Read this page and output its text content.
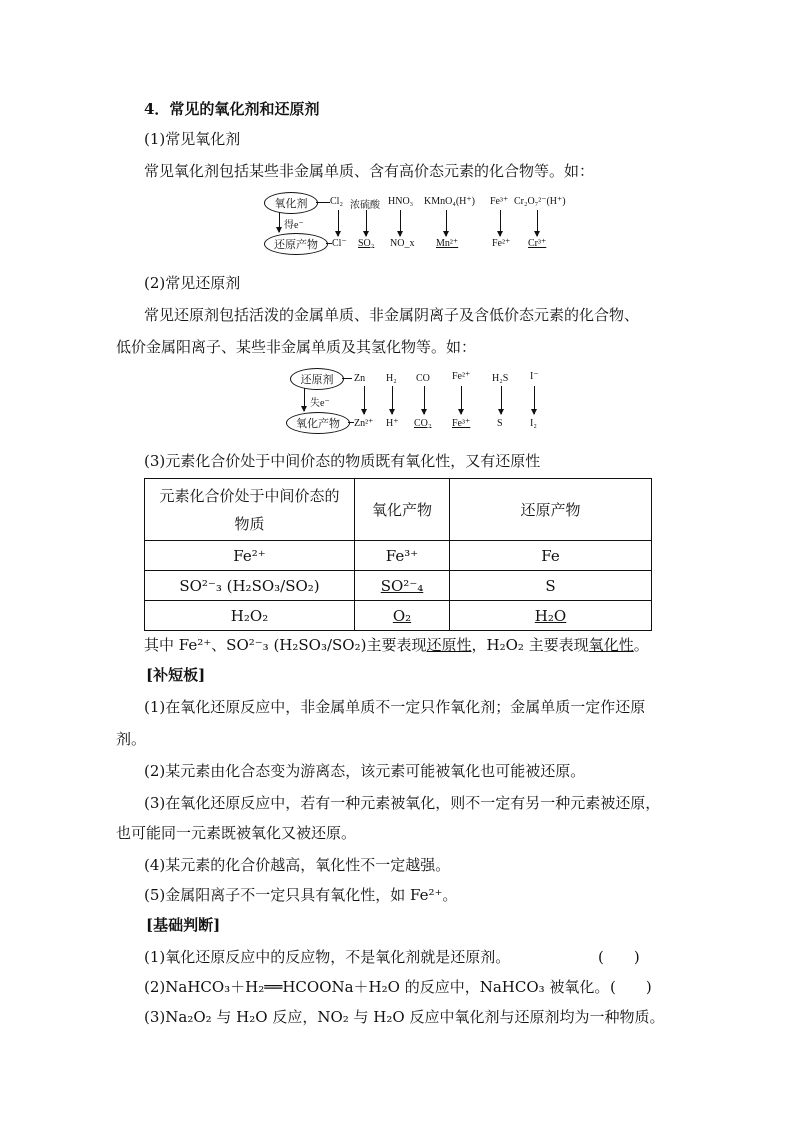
4．常见的氧化剂和还原剂
(1)常见氧化剂
常见氧化剂包括某些非金属单质、含有高价态元素的化合物等。如：
氧化剂
还原产物
得e⁻
Cl₂ 浓硫酸 HNO₃ KMnO₄(H⁺) Fe³⁺ Cr₂O₇²⁻(H⁺)
Cl⁻ SO₂ NO_x Mn²⁺	Fe²⁺ Cr³⁺
(2)常见还原剂
常见还原剂包括活泼的金属单质、非金属阴离子及含低价态元素的化合物、
低价金属阳离子、某些非金属单质及其氢化物等。如：
还原剂
氧化产物
失e⁻
Zn H₂ CO Fe²⁺ H₂S I⁻
Zn²⁺ H⁺ CO₂ Fe³⁺	S	I₂
(3)元素化合价处于中间价态的物质既有氧化性，又有还原性
元素化合价处于中间价态的
物质	氧化产物	还原产物
Fe²⁺	Fe³⁺	Fe
SO²⁻₃ (H₂SO₃/SO₂)	SO²⁻₄	S
H₂O₂	O₂	H₂O
其中 Fe²⁺、SO²⁻₃ (H₂SO₃/SO₂)主要表现还原性，H₂O₂ 主要表现氧化性。
[补短板]
(1)在氧化还原反应中，非金属单质不一定只作氧化剂；金属单质一定作还原
剂。
(2)某元素由化合态变为游离态，该元素可能被氧化也可能被还原。
(3)在氧化还原反应中，若有一种元素被氧化，则不一定有另一种元素被还原，
也可能同一元素既被氧化又被还原。
(4)某元素的化合价越高，氧化性不一定越强。
(5)金属阳离子不一定只具有氧化性，如 Fe²⁺。
[基础判断]
(1)氧化还原反应中的反应物，不是氧化剂就是还原剂。	(　　)
(2)NaHCO₃＋H₂══HCOONa＋H₂O 的反应中，NaHCO₃ 被氧化。 (　　)
(3)Na₂O₂ 与 H₂O 反应，NO₂ 与 H₂O 反应中氧化剂与还原剂均为一种物质。
